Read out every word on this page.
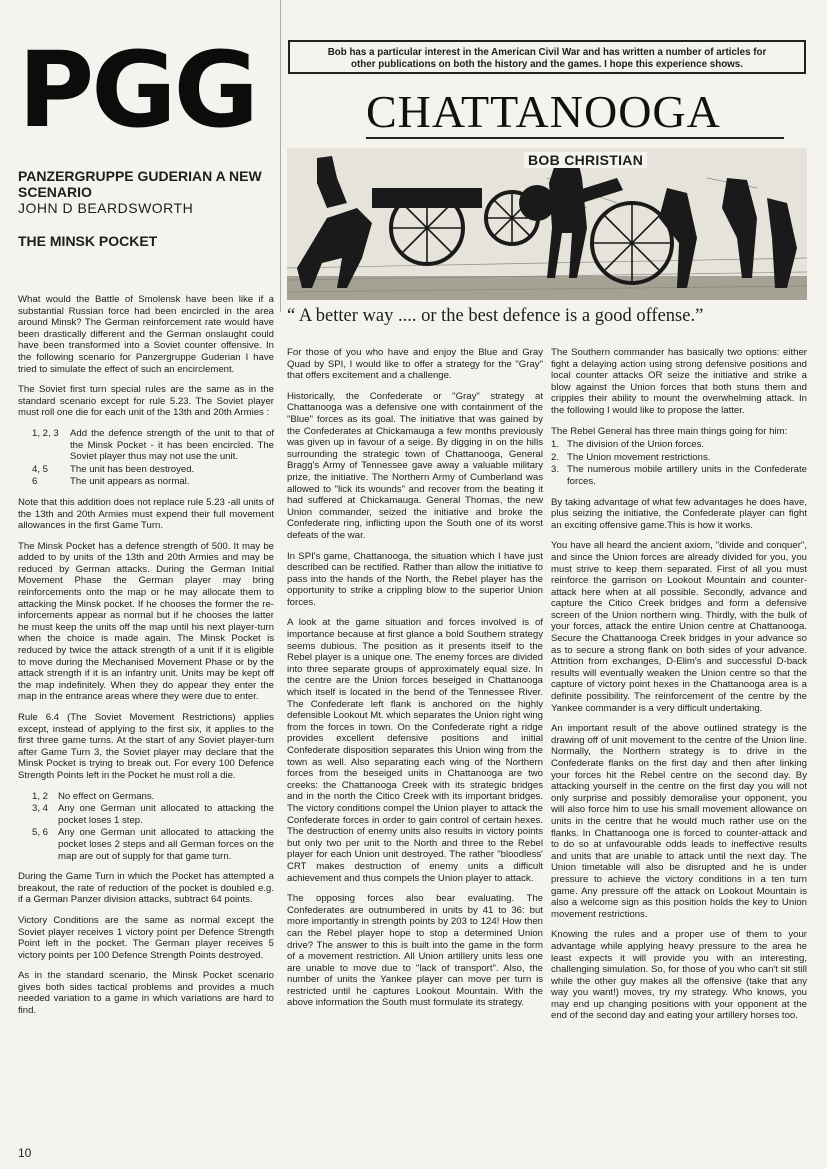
PGG
PANZERGRUPPE GUDERIAN A NEW SCENARIO
JOHN D BEARDSWORTH
THE MINSK POCKET

What would the Battle of Smolensk have been like if a substantial Russian force had been encircled in the area around Minsk? The German reinforcement rate would have been drastically different and the German onslaught could have been transformed into a Soviet counter offensive. In the following scenario for Panzergruppe Guderian I have tried to simulate the effect of such an encirclement.

The Soviet first turn special rules are the same as in the standard scenario except for rule 5.23. The Soviet player must roll one die for each unit of the 13th and 20th Armies :

1, 2, 3	Add the defence strength of the unit to that of the Minsk Pocket - it has been encircled. The Soviet player thus may not use the unit.
4, 5	The unit has been destroyed.
6	The unit appears as normal.

Note that this addition does not replace rule 5.23 -all units of the 13th and 20th Armies must expend their full movement allowances in the first Game Turn.

The Minsk Pocket has a defence strength of 500. It may be added to by units of the 13th and 20th Armies and may be reduced by German attacks. During the German Initial Movement Phase the German player may bring reinforcements onto the map or he may allocate them to attacking the Minsk pocket. If he chooses the former the re-inforcements appear as normal but if he chooses the latter he must keep the units off the map until his next player-turn when the choice is made again. The Minsk Pocket is reduced by twice the attack strength of a unit if it is eligible to move during the Mechanised Movement Phase or by the attack strength if it is an infantry unit. Units may be kept off the map indefinitely. When they do appear they enter the map in the entrance areas where they were due to enter.

Rule 6.4 (The Soviet Movement Restrictions) applies except, instead of applying to the first six, it applies to the first three game turns. At the start of any Soviet player-turn after Game Turn 3, the Soviet player may declare that the Minsk Pocket is trying to break out. For every 100 Defence Strength Points left in the Pocket he must roll a die.

1, 2	No effect on Germans.
3, 4	Any one German unit allocated to attacking the pocket loses 1 step.
5, 6	Any one German unit allocated to attacking the pocket loses 2 steps and all German forces on the map are out of supply for that game turn.

During the Game Turn in which the Pocket has attempted a breakout, the rate of reduction of the pocket is doubled e.g. if a German Panzer division attacks, subtract 64 points.

Victory Conditions are the same as normal except the Soviet player receives 1 victory point per Defence Strength Point left in the pocket. The German player receives 5 victory points per 100 Defence Strength Points destroyed.

As in the standard scenario, the Minsk Pocket scenario gives both sides tactical problems and provides a much needed variation to a game in which variations are hard to find.

Bob has a particular interest in the American Civil War and has written a number of articles for other publications on both the history and the games. I hope this experience shows.
CHATTANOOGA
BOB CHRISTIAN
“ A better way .... or the best defence is a good offense.”

For those of you who have and enjoy the Blue and Gray Quad by SPI, I would like to offer a strategy for the "Gray" that offers excitement and a challenge.

Historically, the Confederate or "Gray" strategy at Chattanooga was a defensive one with containment of the "Blue" forces as its goal. The initiative that was gained by the Confederates at Chickamauga a few months previously was given up in favour of a seige. By digging in on the hills surrounding the strategic town of Chattanooga, General Bragg's Army of Tennessee gave away a valuable military prize, the initiative. The Northern Army of Cumberland was allowed to "lick its wounds" and recover from the beating it had suffered at Chickamauga. General Thomas, the new Union commander, seized the initiative and broke the Confederate ring, inflicting upon the South one of its worst defeats of the war.

In SPI's game, Chattanooga, the situation which I have just described can be rectified. Rather than allow the initiative to pass into the hands of the North, the Rebel player has the opportunity to strike a crippling blow to the superior Union forces.

A look at the game situation and forces involved is of importance because at first glance a bold Southern strategy seems dubious. The position as it presents itself to the Rebel player is a unique one. The enemy forces are divided into three separate groups of approximately equal size. In the centre are the Union forces beseiged in Chattanooga which itself is located in the bend of the Tennessee River. The Confederate left flank is anchored on the highly defensible Lookout Mt. which separates the Union right wing from the forces in town. On the Confederate right a ridge provides excellent defensive positions and initial Confederate disposition separates this Union wing from the town as well. Also separating each wing of the Northern forces from the beseiged units in Chattanooga are two creeks: the Chattanooga Creek with its strategic bridges and in the north the Citico Creek with its important bridges. The victory conditions compel the Union player to attack the Confederate forces in order to gain control of certain hexes. The destruction of enemy units also results in victory points but only two per unit to the North and three to the Rebel player for each Union unit destroyed. The rather "bloodless' CRT makes destruction of enemy units a difficult achievement and thus compels the Union player to attack.

The opposing forces also bear evaluating. The Confederates are outnumbered in units by 41 to 36: but more importantly in strength points by 203 to 124! How then can the Rebel player hope to stop a determined Union drive? The answer to this is built into the game in the form of a movement restriction. All Union artillery units less one are unable to move due to "lack of transport". Also, the number of units the Yankee player can move per turn is restricted until he captures Lookout Mountain. With the above information the South must formulate its strategy.

The Southern commander has basically two options: either fight a delaying action using strong defensive positions and local counter attacks OR seize the initiative and strike a blow against the Union forces that both stuns them and cripples their ability to mount the overwhelming attack. In the following I would like to propose the latter.

The Rebel General has three main things going for him:

1. The division of the Union forces.
2. The Union movement restrictions.
3. The numerous mobile artillery units in the Confederate forces.

By taking advantage of what few advantages he does have, plus seizing the initiative, the Confederate player can fight an exciting offensive game.This is how it works.

You have all heard the ancient axiom, "divide and conquer", and since the Union forces are already divided for you, you must strive to keep them separated. First of all you must reinforce the garrison on Lookout Mountain and counter-attack here when at all possible. Secondly, advance and capture the Citico Creek bridges and form a defensive screen of the Union northern wing. Thirdly, with the bulk of your forces, attack the entire Union centre at Chattanooga. Secure the Chattanooga Creek bridges in your advance so as to secure a strong flank on both sides of your advance. Attrition from exchanges, D-Elim's and successful D-back results will eventually weaken the Union centre so that the capture of victory point hexes in the Chattanooga area is a definite possibility. The reinforcement of the centre by the Yankee commander is a very difficult undertaking.

An important result of the above outlined strategy is the drawing off of unit movement to the centre of the Union line. Normally, the Northern strategy is to drive in the Confederate flanks on the first day and then after linking your forces hit the Rebel centre on the second day. By attacking yourself in the centre on the first day you will not only surprise and possibly demoralise your opponent, you will also force him to use his small movement allowance on units in the centre that he would much rather use on the flanks. In Chattanooga one is forced to counter-attack and to do so at unfavourable odds leads to ineffective results and units that are unable to attack until the next day. The Union timetable will also be disrupted and he is under pressure to achieve the victory conditions in a ten turn game. Any pressure off the attack on Lookout Mountain is also a welcome sign as this position holds the key to Union movement restrictions.

Knowing the rules and a proper use of them to your advantage while applying heavy pressure to the area he least expects it will provide you with an interesting, challenging simulation. So, for those of you who can't sit still while the other guy makes all the offensive (take that any way you want!) moves, try my strategy. Who knows, you may end up changing positions with your opponent at the end of the second day and eating your artillery horses too.

10
